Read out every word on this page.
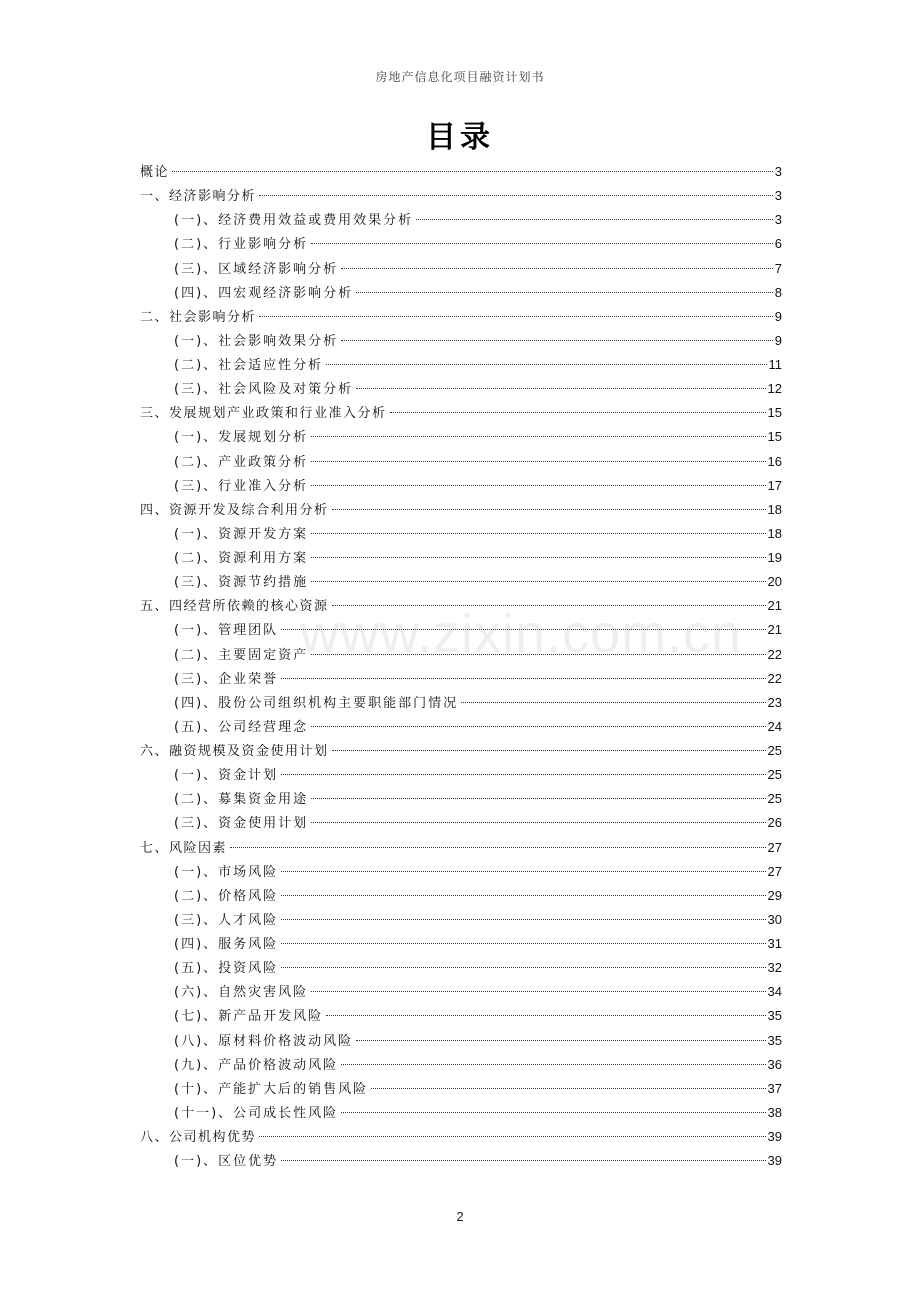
房地产信息化项目融资计划书
目录
概论	3
一、经济影响分析	3
(一)、经济费用效益或费用效果分析	3
(二)、行业影响分析	6
(三)、区域经济影响分析	7
(四)、四宏观经济影响分析	8
二、社会影响分析	9
(一)、社会影响效果分析	9
(二)、社会适应性分析	11
(三)、社会风险及对策分析	12
三、发展规划产业政策和行业准入分析	15
(一)、发展规划分析	15
(二)、产业政策分析	16
(三)、行业准入分析	17
四、资源开发及综合利用分析	18
(一)、资源开发方案	18
(二)、资源利用方案	19
(三)、资源节约措施	20
五、四经营所依赖的核心资源	21
(一)、管理团队	21
(二)、主要固定资产	22
(三)、企业荣誉	22
(四)、股份公司组织机构主要职能部门情况	23
(五)、公司经营理念	24
六、融资规模及资金使用计划	25
(一)、资金计划	25
(二)、募集资金用途	25
(三)、资金使用计划	26
七、风险因素	27
(一)、市场风险	27
(二)、价格风险	29
(三)、人才风险	30
(四)、服务风险	31
(五)、投资风险	32
(六)、自然灾害风险	34
(七)、新产品开发风险	35
(八)、原材料价格波动风险	35
(九)、产品价格波动风险	36
(十)、产能扩大后的销售风险	37
(十一)、公司成长性风险	38
八、公司机构优势	39
(一)、区位优势	39
www.zixin.com.cn
2
